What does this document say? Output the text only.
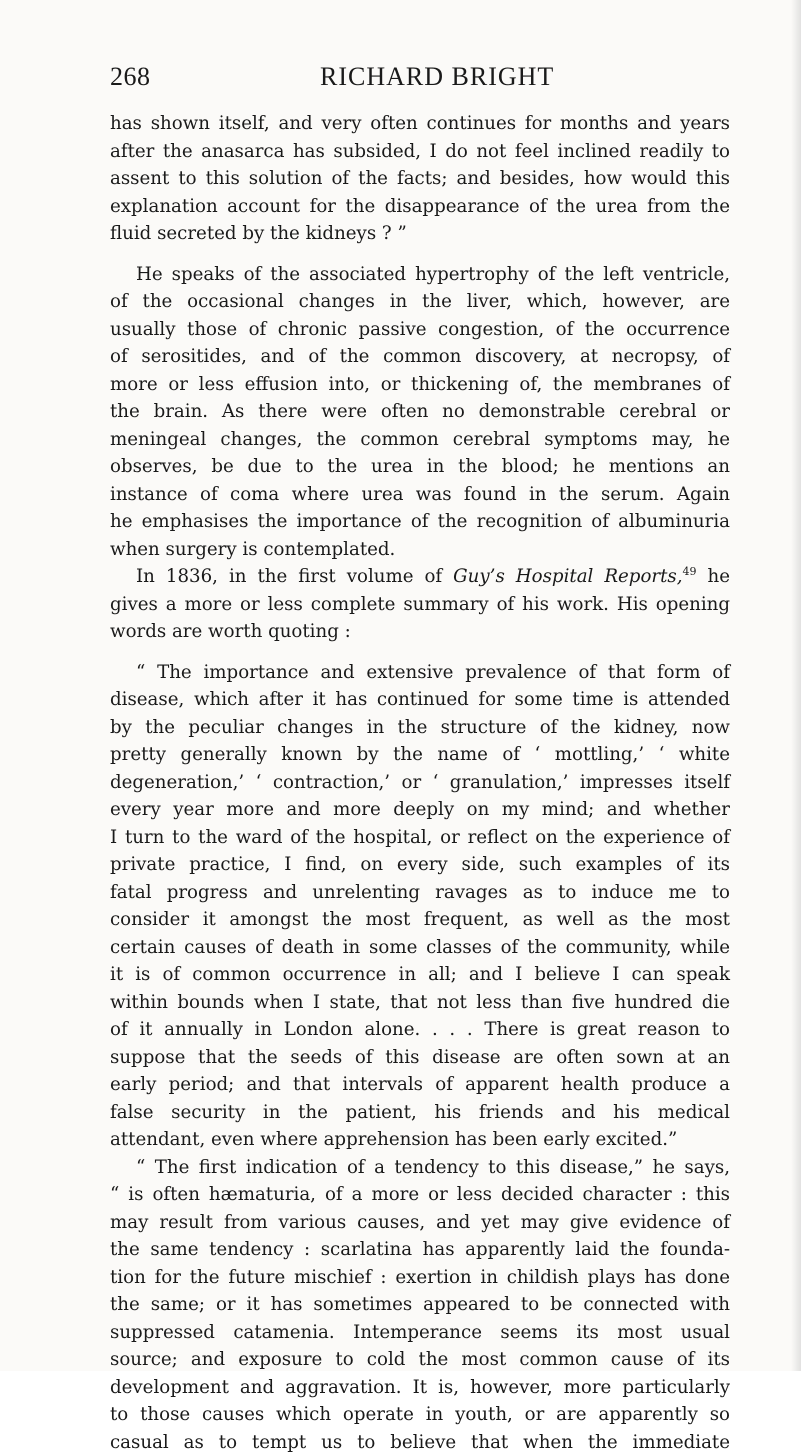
268	RICHARD BRIGHT
has shown itself, and very often continues for months and years
after the anasarca has subsided, I do not feel inclined readily to
assent to this solution of the facts; and besides, how would this
explanation account for the disappearance of the urea from the
fluid secreted by the kidneys ? ”
He speaks of the associated hypertrophy of the left ventricle,
of the occasional changes in the liver, which, however, are
usually those of chronic passive congestion, of the occurrence
of serositides, and of the common discovery, at necropsy, of
more or less effusion into, or thickening of, the membranes of
the brain. As there were often no demonstrable cerebral or
meningeal changes, the common cerebral symptoms may, he
observes, be due to the urea in the blood; he mentions an
instance of coma where urea was found in the serum. Again
he emphasises the importance of the recognition of albuminuria
when surgery is contemplated.
In 1836, in the first volume of Guy’s Hospital Reports,$^{49}$ he
gives a more or less complete summary of his work. His opening
words are worth quoting :
“ The importance and extensive prevalence of that form of
disease, which after it has continued for some time is attended
by the peculiar changes in the structure of the kidney, now
pretty generally known by the name of ‘ mottling,’ ‘ white
degeneration,’ ‘ contraction,’ or ‘ granulation,’ impresses itself
every year more and more deeply on my mind; and whether
I turn to the ward of the hospital, or reflect on the experience of
private practice, I find, on every side, such examples of its
fatal progress and unrelenting ravages as to induce me to
consider it amongst the most frequent, as well as the most
certain causes of death in some classes of the community, while
it is of common occurrence in all; and I believe I can speak
within bounds when I state, that not less than five hundred die
of it annually in London alone. . . . There is great reason to
suppose that the seeds of this disease are often sown at an
early period; and that intervals of apparent health produce a
false security in the patient, his friends and his medical
attendant, even where apprehension has been early excited.”
“ The first indication of a tendency to this disease,” he says,
“ is often hæmaturia, of a more or less decided character : this
may result from various causes, and yet may give evidence of
the same tendency : scarlatina has apparently laid the founda-
tion for the future mischief : exertion in childish plays has done
the same; or it has sometimes appeared to be connected with
suppressed catamenia. Intemperance seems its most usual
source; and exposure to cold the most common cause of its
development and aggravation. It is, however, more particularly
to those causes which operate in youth, or are apparently so
casual as to tempt us to believe that when the immediate
